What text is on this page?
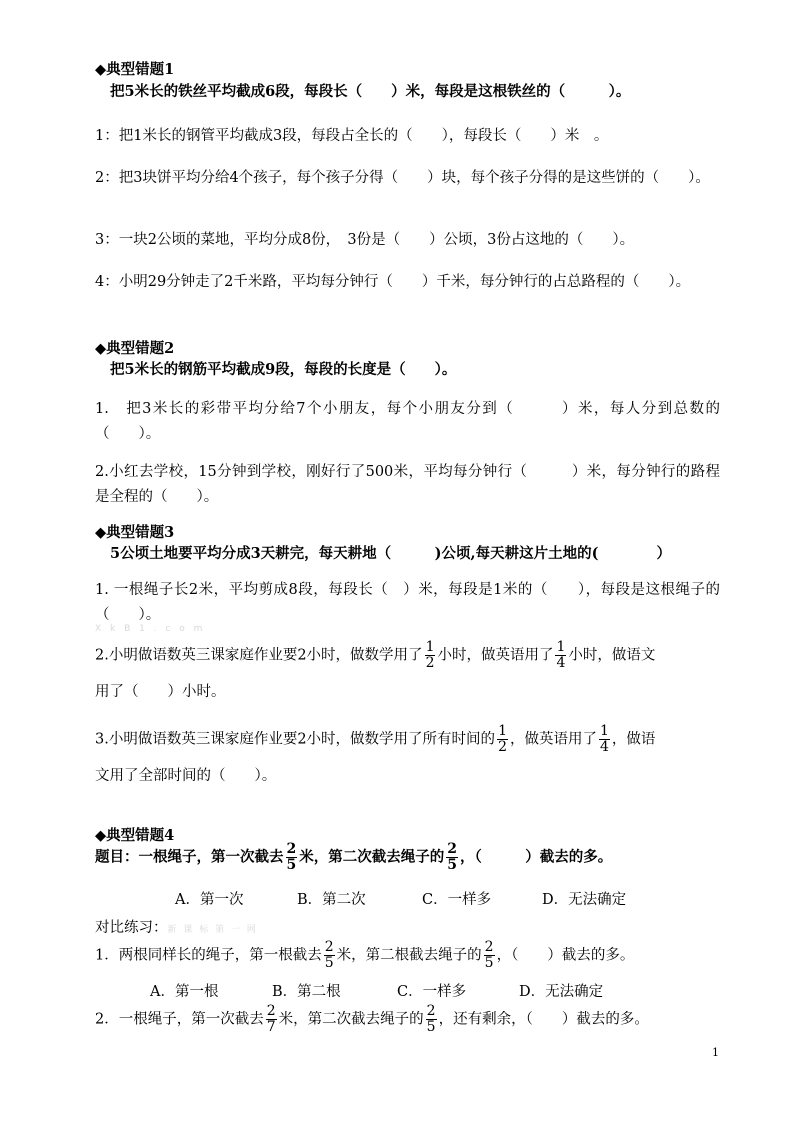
◆典型错题1
把5米长的铁丝平均截成6段，每段长（　　）米，每段是这根铁丝的（　　　）。
1：把1米长的钢管平均截成3段，每段占全长的（　　），每段长（　　）米　。
2：把3块饼平均分给4个孩子，每个孩子分得（　　）块，每个孩子分得的是这些饼的（　　）。
3：一块2公顷的菜地，平均分成8份，　3份是（　　）公顷，3份占这地的（　　）。
4：小明29分钟走了2千米路，平均每分钟行（　　）千米，每分钟行的占总路程的（　　）。
◆典型错题2
把5米长的钢筋平均截成9段，每段的长度是（　　）。
1.　把3米长的彩带平均分给7个小朋友，每个小朋友分到（　　　）米，每人分到总数的（　　）。
2.小红去学校，15分钟到学校，刚好行了500米，平均每分钟行（　　　）米，每分钟行的路程是全程的（　　）。
◆典型错题3
5公顷土地要平均分成3天耕完，每天耕地（　　　)公顷,每天耕这片土地的(　　　　）
1. 一根绳子长2米，平均剪成8段，每段长（　）米，每段是1米的（　　），每段是这根绳子的（　　）。
X k B 1 . c o m
2.小明做语数英三课家庭作业要2小时，做数学用了 $\frac{1}{2}$ 小时，做英语用了 $\frac{1}{4}$ 小时，做语文
用了（　　）小时。
3.小明做语数英三课家庭作业要2小时，做数学用了所有时间的 $\frac{1}{2}$ ，做英语用了 $\frac{1}{4}$ ，做语
文用了全部时间的（　　）。
◆典型错题4
题目：一根绳子，第一次截去 $\frac{2}{5}$ 米，第二次截去绳子的 $\frac{2}{5}$ ，（　　　）截去的多。
A．第一次	B．第二次	C．一样多	D．无法确定
对比练习：新 课 标 第 一 网
1．两根同样长的绳子，第一根截去 $\frac{2}{5}$ 米，第二根截去绳子的 $\frac{2}{5}$ ，（　　）截去的多。
A．第一根	B．第二根	C．一样多	D．无法确定
2．一根绳子，第一次截去 $\frac{2}{7}$ 米，第二次截去绳子的 $\frac{2}{5}$ ，还有剩余，（　　）截去的多。
1
